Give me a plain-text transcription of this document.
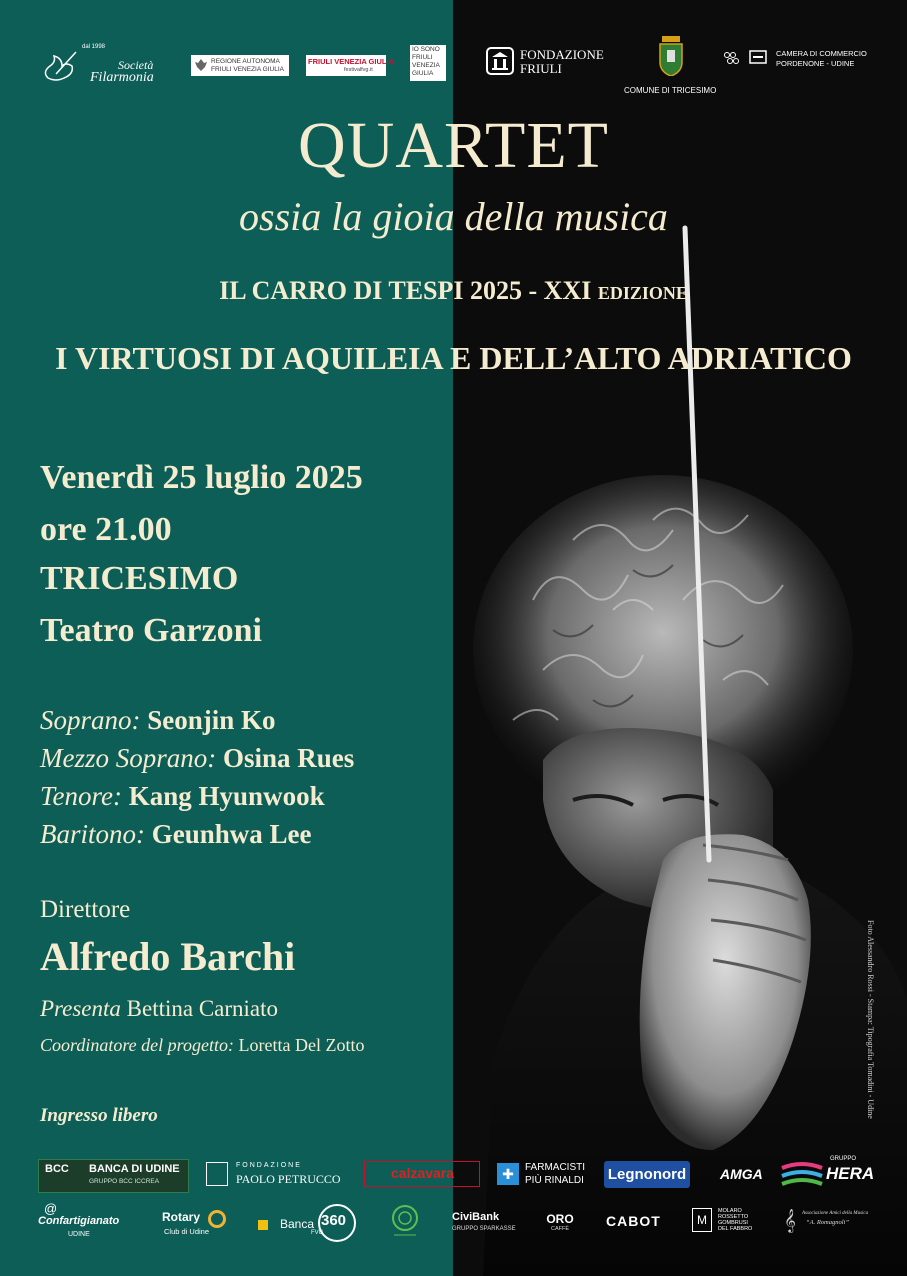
Foto Alessandro Rossi - Stampa: Tipografia Tomadini - Udine
dal 1998
Società
Filarmonia
REGIONE AUTONOMA
FRIULI VENEZIA GIULIA
FRIULI VENEZIA GIULIA
festivalfvg.it
IO SONO
FRIULI
VENEZIA
GIULIA
FONDAZIONE
FRIULI
COMUNE DI TRICESIMO
CAMERA DI COMMERCIO
PORDENONE - UDINE
QUARTET
ossia la gioia della musica
IL CARRO DI TESPI 2025 - XXI EDIZIONE
I VIRTUOSI DI AQUILEIA E DELL’ALTO ADRIATICO
Venerdì 25 luglio 2025
ore 21.00
TRICESIMO
Teatro Garzoni
Soprano: Seonjin Ko
Mezzo Soprano: Osina Rues
Tenore: Kang Hyunwook
Baritono: Geunhwa Lee
Direttore
Alfredo Barchi
Presenta Bettina Carniato
Coordinatore del progetto: Loretta Del Zotto
Ingresso libero
BCC BANCA DI UDINE
GRUPPO BCC ICCREA
FONDAZIONE
PAOLO PETRUCCO	calzavara	✚	FARMACISTI
PIÙ RINALDI Legnonord AMGA
GRUPPO
HERA
@
Confartigianato
UDINE
Rotary
Club di Udine
Banca 360
FVG
CiviBank
GRUPPO SPARKASSE
ORO
CAFFÈ	CABOT	M
MOLARO
ROSSETTO
GOMBRUSI
DEL FABBRO 𝄞 Associazione Amici della Musica
“A. Romagnoli”
